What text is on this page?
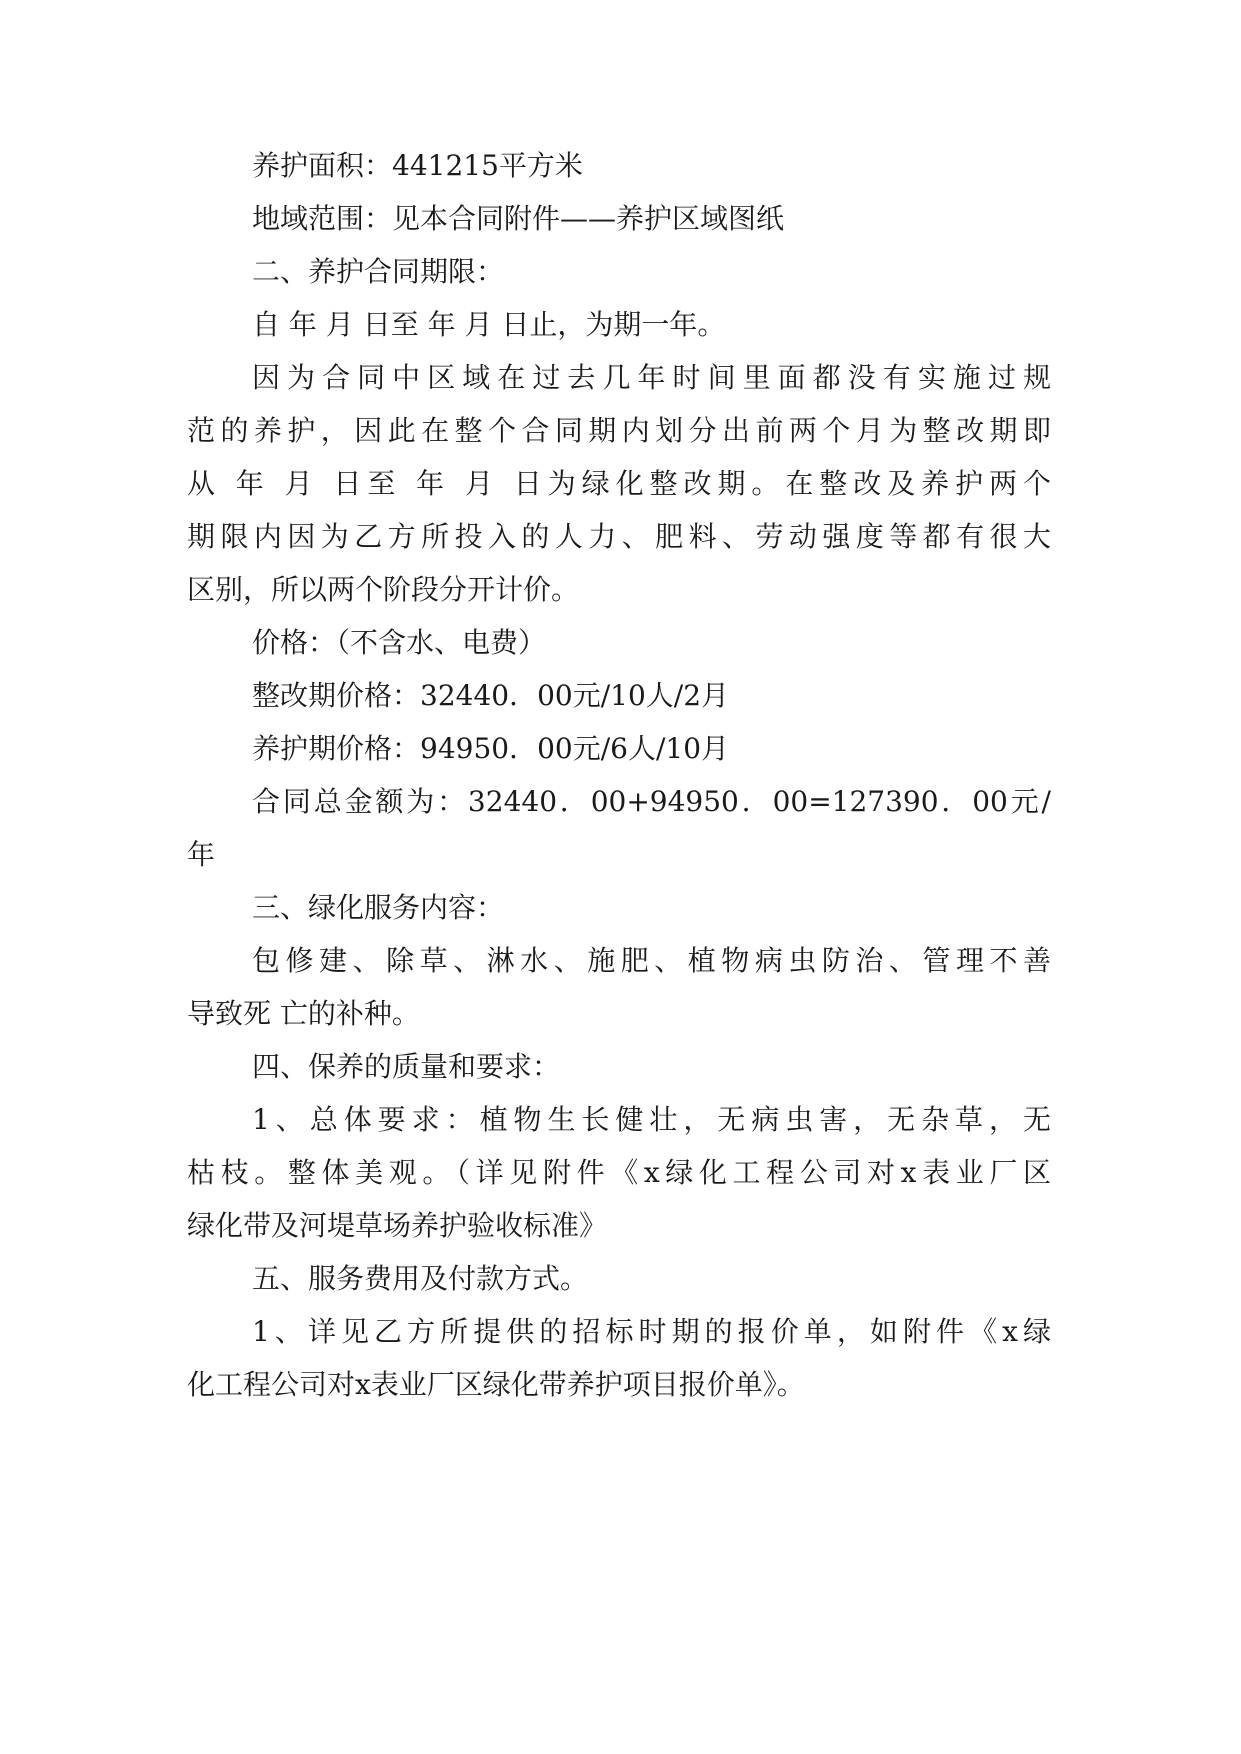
养护面积：441215平方米

地域范围：见本合同附件——养护区域图纸

二、养护合同期限：

自 年 月 日至 年 月 日止，为期一年。

因为合同中区域在过去几年时间里面都没有实施过规

范的养护，因此在整个合同期内划分出前两个月为整改期即

从 年 月 日至 年 月 日为绿化整改期。在整改及养护两个

期限内因为乙方所投入的人力、肥料、劳动强度等都有很大

区别，所以两个阶段分开计价。

价格：（不含水、电费）

整改期价格：32440．00元/10人/2月

养护期价格：94950．00元/6人/10月

合同总金额为：32440．00+94950．00=127390．00元/

年

三、绿化服务内容：

包修建、除草、淋水、施肥、植物病虫防治、管理不善

导致死 亡的补种。

四、保养的质量和要求：

1、总体要求：植物生长健壮，无病虫害，无杂草，无

枯枝。整体美观。（详见附件《x绿化工程公司对x表业厂区

绿化带及河堤草场养护验收标准》

五、服务费用及付款方式。

1、详见乙方所提供的招标时期的报价单，如附件《x绿

化工程公司对x表业厂区绿化带养护项目报价单》。
